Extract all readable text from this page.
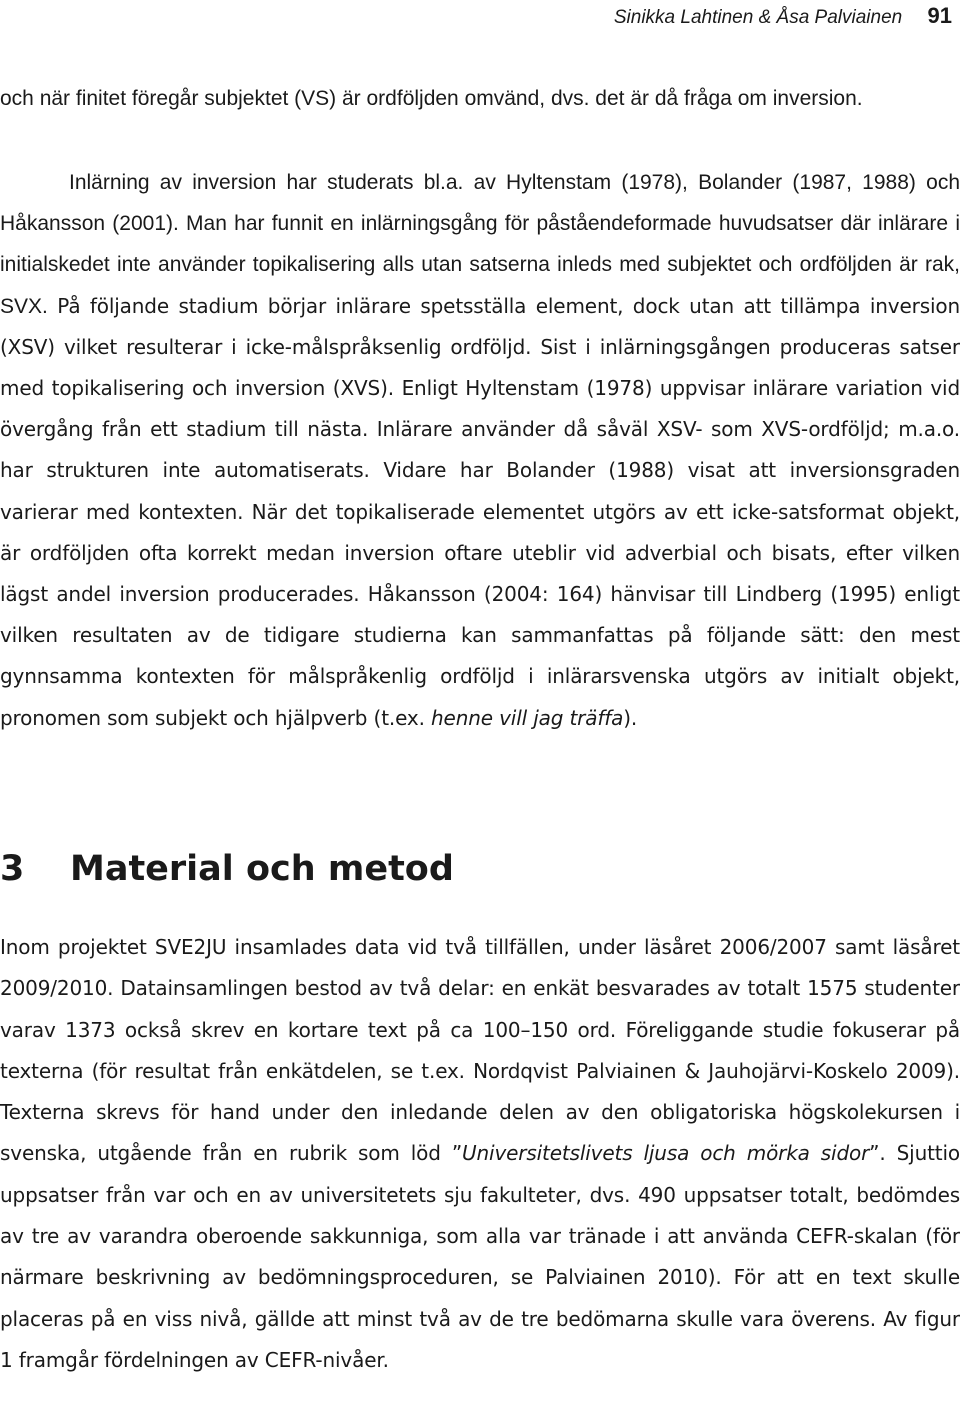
Sinikka Lahtinen & Åsa Palviainen 91

och när finitet föregår subjektet (VS) är ordföljden omvänd, dvs. det är då fråga om inversion.

Inlärning av inversion har studerats bl.a. av Hyltenstam (1978), Bolander (1987, 1988) och Håkansson (2001). Man har funnit en inlärningsgång för påståendeformade huvudsatser där inlärare i initialskedet inte använder topikalisering alls utan satserna inleds med subjektet och ordföljden är rak, SVX. På följande stadium börjar inlärare spetsställa element, dock utan att tillämpa inversion (XSV) vilket resulterar i icke-målspråksenlig ordföljd. Sist i inlärningsgången produceras satser med topikalisering och inversion (XVS). Enligt Hyltenstam (1978) uppvisar inlärare variation vid övergång från ett stadium till nästa. Inlärare använder då såväl XSV- som XVS-ordföljd; m.a.o. har strukturen inte automatiserats. Vidare har Bolander (1988) visat att inversionsgraden varierar med kontexten. När det topikaliserade elementet utgörs av ett icke-satsformat objekt, är ordföljden ofta korrekt medan inversion oftare uteblir vid adverbial och bisats, efter vilken lägst andel inversion producerades. Håkansson (2004: 164) hänvisar till Lindberg (1995) enligt vilken resultaten av de tidigare studierna kan sammanfattas på följande sätt: den mest gynnsamma kontexten för målspråkenlig ordföljd i inlärarsvenska utgörs av initialt objekt, pronomen som subjekt och hjälpverb (t.ex. henne vill jag träffa).

3 Material och metod

Inom projektet SVE2JU insamlades data vid två tillfällen, under läsåret 2006/2007 samt läsåret 2009/2010. Datainsamlingen bestod av två delar: en enkät besvarades av totalt 1575 studenter varav 1373 också skrev en kortare text på ca 100–150 ord. Föreliggande studie fokuserar på texterna (för resultat från enkätdelen, se t.ex. Nordqvist Palviainen & Jauhojärvi-Koskelo 2009). Texterna skrevs för hand under den inledande delen av den obligatoriska högskolekursen i svenska, utgående från en rubrik som löd ”Universitetslivets ljusa och mörka sidor”. Sjuttio uppsatser från var och en av universitetets sju fakulteter, dvs. 490 uppsatser totalt, bedömdes av tre av varandra oberoende sakkunniga, som alla var tränade i att använda CEFR-skalan (för närmare beskrivning av bedömningsproceduren, se Palviainen 2010). För att en text skulle placeras på en viss nivå, gällde att minst två av de tre bedömarna skulle vara överens. Av figur 1 framgår fördelningen av CEFR-nivåer.
